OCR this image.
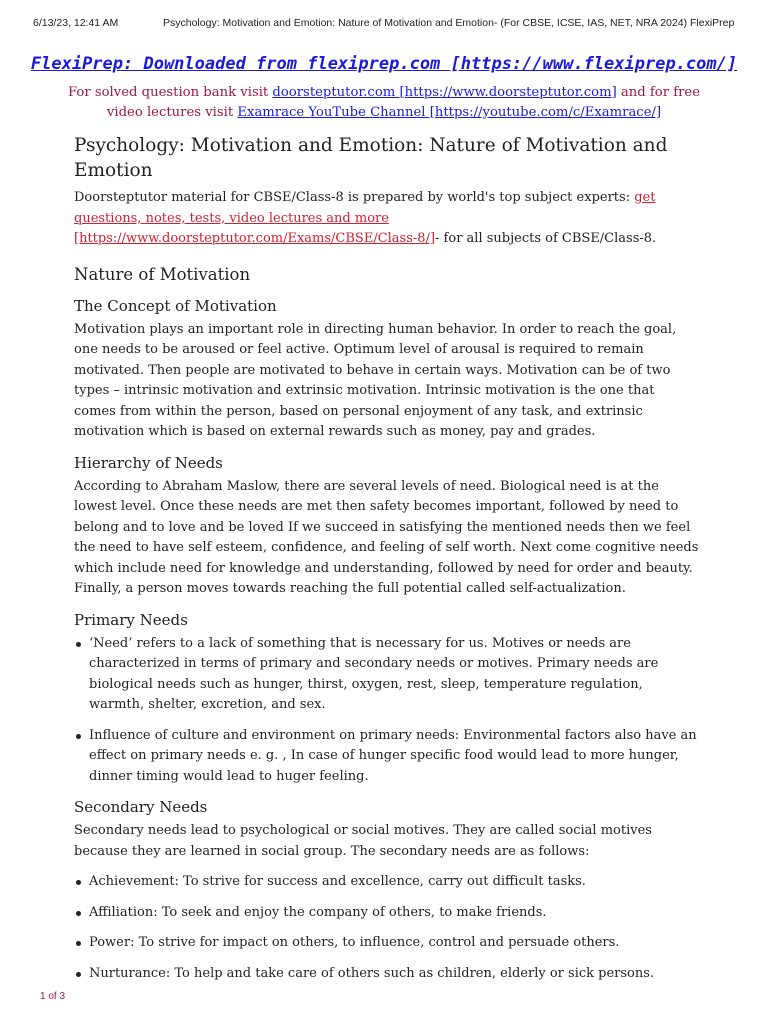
6/13/23, 12:41 AM	Psychology: Motivation and Emotion: Nature of Motivation and Emotion- (For CBSE, ICSE, IAS, NET, NRA 2024) FlexiPrep
FlexiPrep: Downloaded from flexiprep.com [https://www.flexiprep.com/]
For solved question bank visit doorsteptutor.com [https://www.doorsteptutor.com] and for free video lectures visit Examrace YouTube Channel [https://youtube.com/c/Examrace/]
Psychology: Motivation and Emotion: Nature of Motivation and Emotion

Doorsteptutor material for CBSE/Class-8 is prepared by world's top subject experts: get questions, notes, tests, video lectures and more [https://www.doorsteptutor.com/Exams/CBSE/Class-8/]- for all subjects of CBSE/Class-8.

Nature of Motivation
The Concept of Motivation

Motivation plays an important role in directing human behavior. In order to reach the goal, one needs to be aroused or feel active. Optimum level of arousal is required to remain motivated. Then people are motivated to behave in certain ways. Motivation can be of two types – intrinsic motivation and extrinsic motivation. Intrinsic motivation is the one that comes from within the person, based on personal enjoyment of any task, and extrinsic motivation which is based on external rewards such as money, pay and grades.

Hierarchy of Needs

According to Abraham Maslow, there are several levels of need. Biological need is at the lowest level. Once these needs are met then safety becomes important, followed by need to belong and to love and be loved If we succeed in satisfying the mentioned needs then we feel the need to have self esteem, confidence, and feeling of self worth. Next come cognitive needs which include need for knowledge and understanding, followed by need for order and beauty. Finally, a person moves towards reaching the full potential called self-actualization.

Primary Needs
‘Need’ refers to a lack of something that is necessary for us. Motives or needs are characterized in terms of primary and secondary needs or motives. Primary needs are biological needs such as hunger, thirst, oxygen, rest, sleep, temperature regulation, warmth, shelter, excretion, and sex.
Influence of culture and environment on primary needs: Environmental factors also have an effect on primary needs e. g. , In case of hunger specific food would lead to more hunger, dinner timing would lead to huger feeling.
Secondary Needs

Secondary needs lead to psychological or social motives. They are called social motives because they are learned in social group. The secondary needs are as follows:

Achievement: To strive for success and excellence, carry out difficult tasks.
Affiliation: To seek and enjoy the company of others, to make friends.
Power: To strive for impact on others, to influence, control and persuade others.
Nurturance: To help and take care of others such as children, elderly or sick persons.
1 of 3
